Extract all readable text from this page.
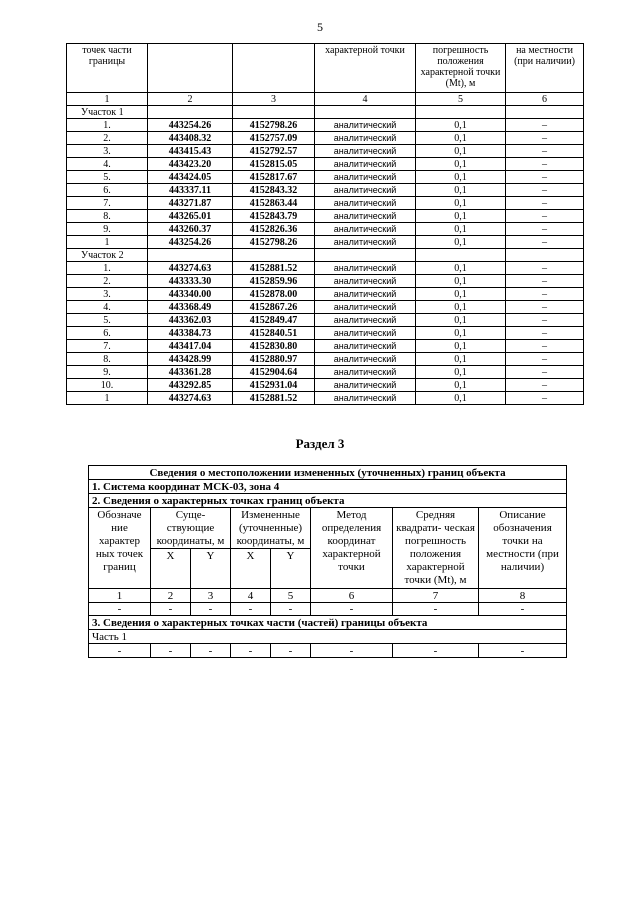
5
точек части границы			характерной точки	погрешность положения характерной точки (Mt), м	на местности (при наличии)
1	2	3	4	5	6
Участок 1					
1.	443254.26	4152798.26	аналитический	0,1	–
2.	443408.32	4152757.09	аналитический	0,1	–
3.	443415.43	4152792.57	аналитический	0,1	–
4.	443423.20	4152815.05	аналитический	0,1	–
5.	443424.05	4152817.67	аналитический	0,1	–
6.	443337.11	4152843.32	аналитический	0,1	–
7.	443271.87	4152863.44	аналитический	0,1	–
8.	443265.01	4152843.79	аналитический	0,1	–
9.	443260.37	4152826.36	аналитический	0,1	–
1	443254.26	4152798.26	аналитический	0,1	–
Участок 2					
1.	443274.63	4152881.52	аналитический	0,1	–
2.	443333.30	4152859.96	аналитический	0,1	–
3.	443340.00	4152878.00	аналитический	0,1	–
4.	443368.49	4152867.26	аналитический	0,1	–
5.	443362.03	4152849.47	аналитический	0,1	–
6.	443384.73	4152840.51	аналитический	0,1	–
7.	443417.04	4152830.80	аналитический	0,1	–
8.	443428.99	4152880.97	аналитический	0,1	–
9.	443361.28	4152904.64	аналитический	0,1	–
10.	443292.85	4152931.04	аналитический	0,1	–
1	443274.63	4152881.52	аналитический	0,1	–
Раздел 3
Сведения о местоположении измененных (уточненных) границ объекта							
1. Система координат МСК-03, зона 4							
2. Сведения о характерных точках границ объекта							
Обозначе ние характер ных точек границ	Суще- ствующие координаты, м		Измененные (уточненные) координаты, м		Метод определения координат характерной точки	Средняя квадрати- ческая погрешность положения характерной точки (Mt), м	Описание обозначения точки на местности (при наличии)
	X	Y	X	Y			
1	2	3	4	5	6	7	8
-	-	-	-	-	-	-	-
3. Сведения о характерных точках части (частей) границы объекта							
Часть 1							
-	-	-	-	-	-	-	-
